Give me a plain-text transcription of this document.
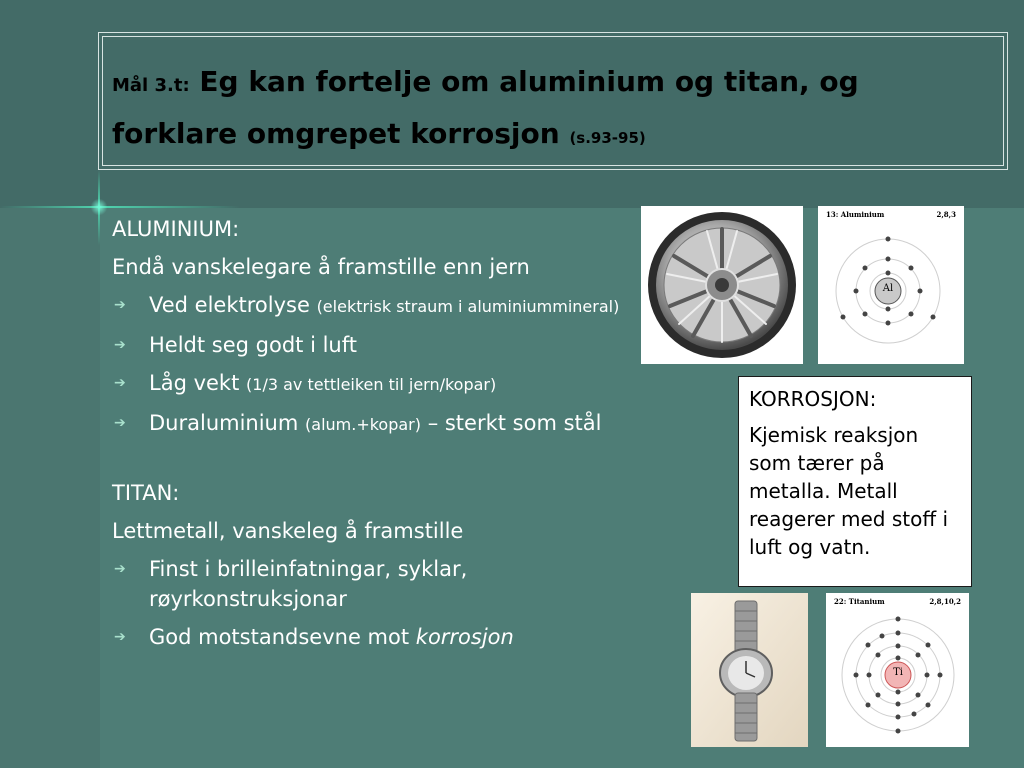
Mål 3.t: Eg kan fortelje om aluminium og titan, og forklare omgrepet korrosjon (s.93-95)

ALUMINIUM:

Endå vanskelegare å framstille enn jern

➔ Ved elektrolyse (elektrisk straum i aluminiummineral)
➔ Heldt seg godt i luft
➔ Låg vekt (1/3 av tettleiken til jern/kopar)
➔ Duraluminium (alum.+kopar) – sterkt som stål

TITAN:

Lettmetall, vanskeleg å framstille

➔ Finst i brilleinfatningar, syklar, røyrkonstruksjonar
➔ God motstandsevne mot korrosjon
13: Aluminium	2,8,3
Al

KORROSJON:

Kjemisk reaksjon som tærer på metalla. Metall reagerer med stoff i luft og vatn.

22: Titanium	2,8,10,2
Ti
